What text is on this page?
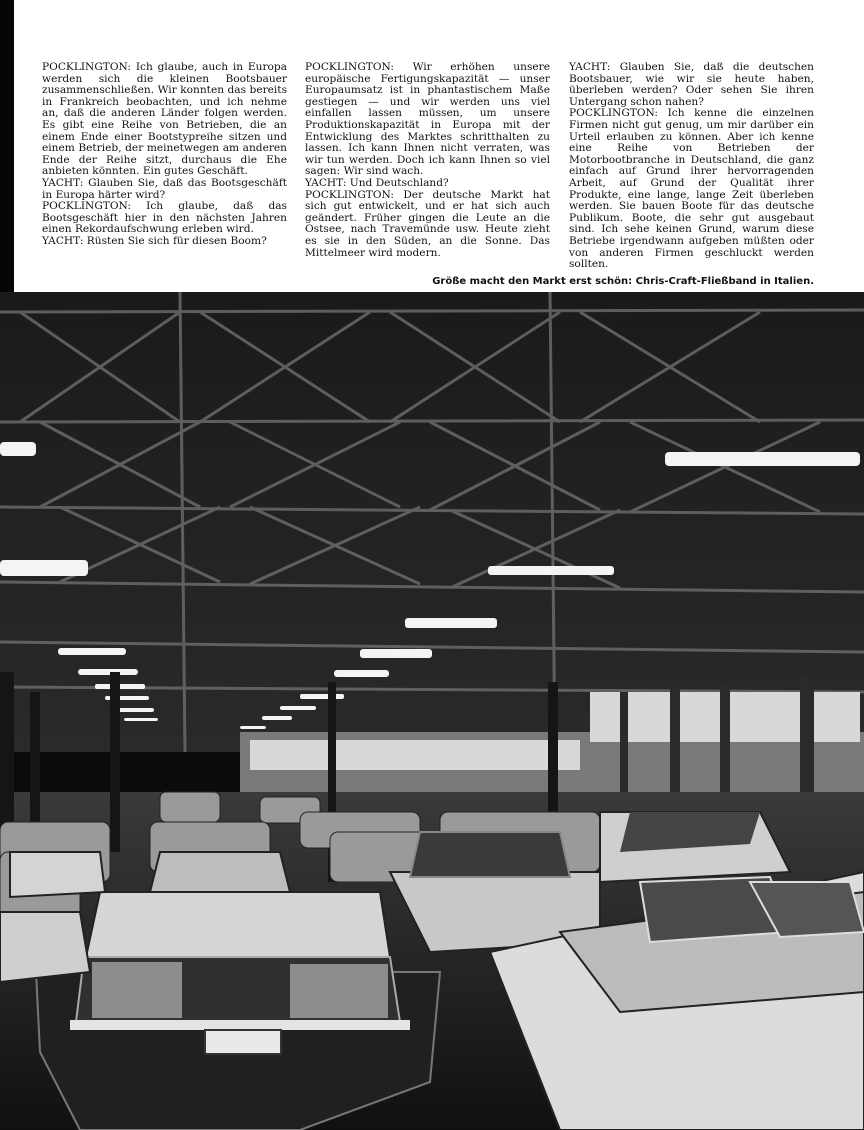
POCKLINGTON: Ich glaube, auch in Europa werden sich die kleinen Bootsbauer zusammenschließen. Wir konnten das bereits in Frankreich beobachten, und ich nehme an, daß die anderen Länder folgen werden. Es gibt eine Reihe von Betrieben, die an einem Ende einer Bootstypreihe sitzen und einem Betrieb, der meinetwegen am anderen Ende der Reihe sitzt, durchaus die Ehe anbieten könnten. Ein gutes Geschäft.

YACHT: Glauben Sie, daß das Bootsgeschäft in Europa härter wird?

POCKLINGTON: Ich glaube, daß das Bootsgeschäft hier in den nächsten Jahren einen Rekordaufschwung erleben wird.

YACHT: Rüsten Sie sich für diesen Boom?

POCKLINGTON: Wir erhöhen unsere europäische Fertigungskapazität — unser Europaumsatz ist in phantastischem Maße gestiegen — und wir werden uns viel einfallen lassen müssen, um unsere Produktionskapazität in Europa mit der Entwicklung des Marktes schritthalten zu lassen. Ich kann Ihnen nicht verraten, was wir tun werden. Doch ich kann Ihnen so viel sagen: Wir sind wach.

YACHT: Und Deutschland?

POCKLINGTON: Der deutsche Markt hat sich gut entwickelt, und er hat sich auch geändert. Früher gingen die Leute an die Ostsee, nach Travemünde usw. Heute zieht es sie in den Süden, an die Sonne. Das Mittelmeer wird modern.

YACHT: Glauben Sie, daß die deutschen Bootsbauer, wie wir sie heute haben, überleben werden? Oder sehen Sie ihren Untergang schon nahen?

POCKLINGTON: Ich kenne die einzelnen Firmen nicht gut genug, um mir darüber ein Urteil erlauben zu können. Aber ich kenne eine Reihe von Betrieben der Motorbootbranche in Deutschland, die ganz einfach auf Grund ihrer hervorragenden Arbeit, auf Grund der Qualität ihrer Produkte, eine lange, lange Zeit überleben werden. Sie bauen Boote für das deutsche Publikum. Boote, die sehr gut ausgebaut sind. Ich sehe keinen Grund, warum diese Betriebe irgendwann aufgeben müßten oder von anderen Firmen geschluckt werden sollten.

Größe macht den Markt erst schön: Chris-Craft-Fließband in Italien.
